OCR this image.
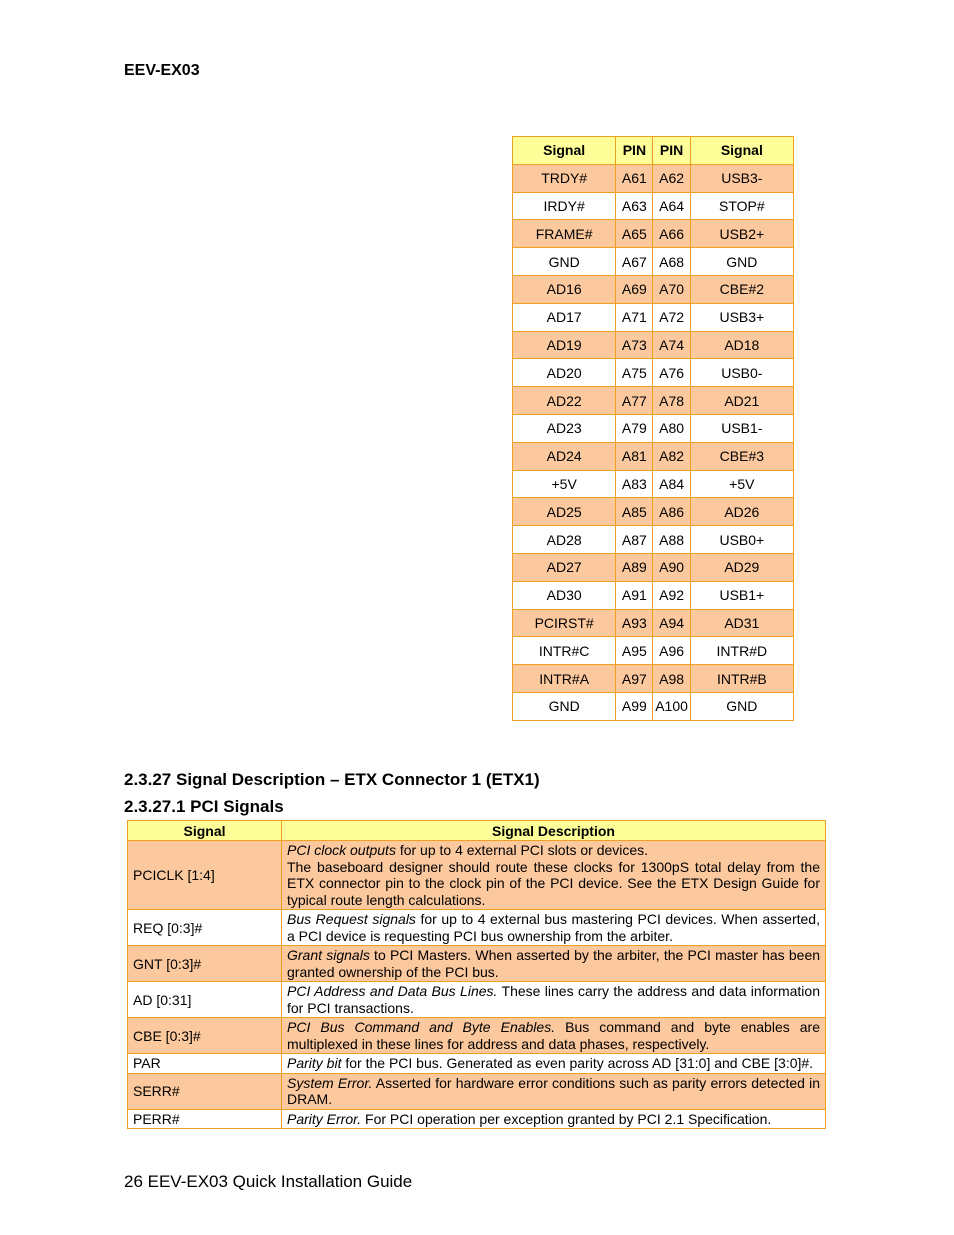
EEV-EX03
Signal	PIN	PIN	Signal
TRDY#	A61	A62	USB3-
IRDY#	A63	A64	STOP#
FRAME#	A65	A66	USB2+
GND	A67	A68	GND
AD16	A69	A70	CBE#2
AD17	A71	A72	USB3+
AD19	A73	A74	AD18
AD20	A75	A76	USB0-
AD22	A77	A78	AD21
AD23	A79	A80	USB1-
AD24	A81	A82	CBE#3
+5V	A83	A84	+5V
AD25	A85	A86	AD26
AD28	A87	A88	USB0+
AD27	A89	A90	AD29
AD30	A91	A92	USB1+
PCIRST#	A93	A94	AD31
INTR#C	A95	A96	INTR#D
INTR#A	A97	A98	INTR#B
GND	A99	A100	GND
2.3.27 Signal Description – ETX Connector 1 (ETX1)
2.3.27.1 PCI Signals
Signal	Signal Description
PCICLK [1:4]	PCI clock outputs for up to 4 external PCI slots or devices.
The baseboard designer should route these clocks for 1300pS total delay from the ETX connector pin to the clock pin of the PCI device. See the ETX Design Guide for typical route length calculations.

REQ [0:3]#	Bus Request signals for up to 4 external bus mastering PCI devices. When asserted, a PCI device is requesting PCI bus ownership from the arbiter.
GNT [0:3]#	Grant signals to PCI Masters. When asserted by the arbiter, the PCI master has been granted ownership of the PCI bus.
AD [0:31]	PCI Address and Data Bus Lines. These lines carry the address and data information for PCI transactions.
CBE [0:3]#	PCI Bus Command and Byte Enables. Bus command and byte enables are multiplexed in these lines for address and data phases, respectively.
PAR	Parity bit for the PCI bus. Generated as even parity across AD [31:0] and CBE [3:0]#.
SERR#	System Error. Asserted for hardware error conditions such as parity errors detected in DRAM.
PERR#	Parity Error. For PCI operation per exception granted by PCI 2.1 Specification.
26 EEV-EX03 Quick Installation Guide
